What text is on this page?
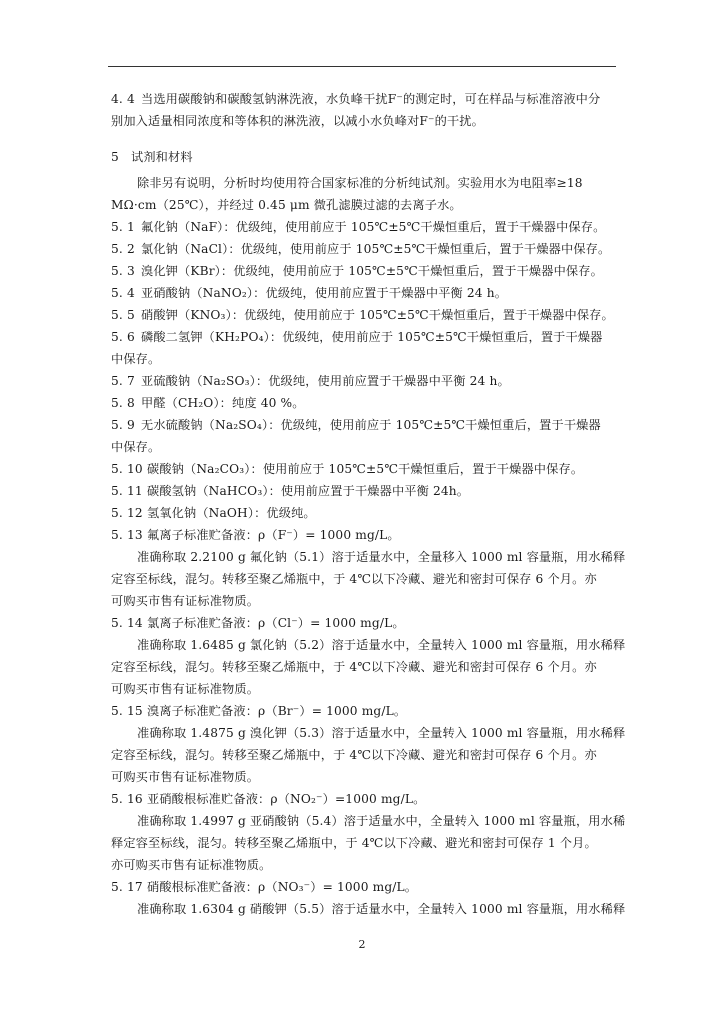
4. 4 当选用碳酸钠和碳酸氢钠淋洗液，水负峰干扰F⁻的测定时，可在样品与标准溶液中分
别加入适量相同浓度和等体积的淋洗液，以减小水负峰对F⁻的干扰。
5 试剂和材料
除非另有说明，分析时均使用符合国家标准的分析纯试剂。实验用水为电阻率≥18
MΩ·cm（25℃），并经过 0.45 μm 微孔滤膜过滤的去离子水。
5. 1 氟化钠（NaF）：优级纯，使用前应于 105℃±5℃干燥恒重后，置于干燥器中保存。
5. 2 氯化钠（NaCl）：优级纯，使用前应于 105℃±5℃干燥恒重后，置于干燥器中保存。
5. 3 溴化钾（KBr）：优级纯，使用前应于 105℃±5℃干燥恒重后，置于干燥器中保存。
5. 4 亚硝酸钠（NaNO₂）：优级纯，使用前应置于干燥器中平衡 24 h。
5. 5 硝酸钾（KNO₃）：优级纯，使用前应于 105℃±5℃干燥恒重后，置于干燥器中保存。
5. 6 磷酸二氢钾（KH₂PO₄）：优级纯，使用前应于 105℃±5℃干燥恒重后，置于干燥器
中保存。
5. 7 亚硫酸钠（Na₂SO₃）：优级纯，使用前应置于干燥器中平衡 24 h。
5. 8 甲醛（CH₂O）：纯度 40 %。
5. 9 无水硫酸钠（Na₂SO₄）：优级纯，使用前应于 105℃±5℃干燥恒重后，置于干燥器
中保存。
5. 10 碳酸钠（Na₂CO₃）：使用前应于 105℃±5℃干燥恒重后，置于干燥器中保存。
5. 11 碳酸氢钠（NaHCO₃）：使用前应置于干燥器中平衡 24h。
5. 12 氢氧化钠（NaOH）：优级纯。
5. 13 氟离子标准贮备液：ρ（F⁻）= 1000 mg/L。
准确称取 2.2100 g 氟化钠（5.1）溶于适量水中，全量移入 1000 ml 容量瓶，用水稀释
定容至标线，混匀。转移至聚乙烯瓶中，于 4℃以下冷藏、避光和密封可保存 6 个月。亦
可购买市售有证标准物质。
5. 14 氯离子标准贮备液：ρ（Cl⁻）= 1000 mg/L。
准确称取 1.6485 g 氯化钠（5.2）溶于适量水中，全量转入 1000 ml 容量瓶，用水稀释
定容至标线，混匀。转移至聚乙烯瓶中，于 4℃以下冷藏、避光和密封可保存 6 个月。亦
可购买市售有证标准物质。
5. 15 溴离子标准贮备液：ρ（Br⁻）= 1000 mg/L。
准确称取 1.4875 g 溴化钾（5.3）溶于适量水中，全量转入 1000 ml 容量瓶，用水稀释
定容至标线，混匀。转移至聚乙烯瓶中，于 4℃以下冷藏、避光和密封可保存 6 个月。亦
可购买市售有证标准物质。
5. 16 亚硝酸根标准贮备液：ρ（NO₂⁻）=1000 mg/L。
准确称取 1.4997 g 亚硝酸钠（5.4）溶于适量水中，全量转入 1000 ml 容量瓶，用水稀
释定容至标线，混匀。转移至聚乙烯瓶中，于 4℃以下冷藏、避光和密封可保存 1 个月。
亦可购买市售有证标准物质。
5. 17 硝酸根标准贮备液：ρ（NO₃⁻）= 1000 mg/L。
准确称取 1.6304 g 硝酸钾（5.5）溶于适量水中，全量转入 1000 ml 容量瓶，用水稀释
2
